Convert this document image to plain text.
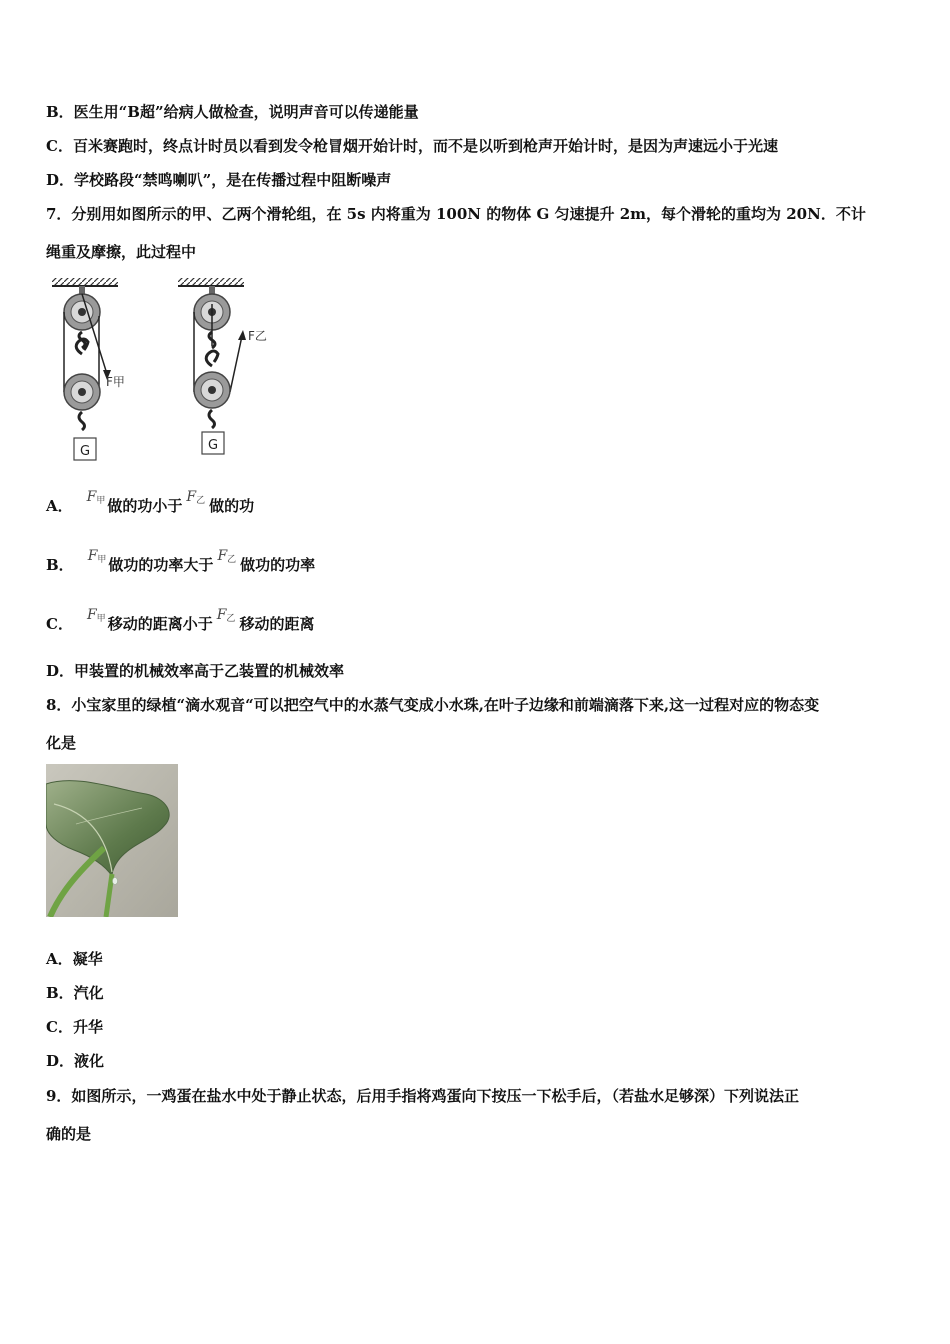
B．医生用“B超”给病人做检查，说明声音可以传递能量
C．百米赛跑时，终点计时员以看到发令枪冒烟开始计时，而不是以听到枪声开始计时，是因为声速远小于光速
D．学校路段“禁鸣喇叭”，是在传播过程中阻断噪声
7．分别用如图所示的甲、乙两个滑轮组，在 5s 内将重为 100N 的物体 G 匀速提升 2m，每个滑轮的重均为 20N．不计
绳重及摩擦，此过程中
F甲
G
F乙
G
A． $F_甲$ 做的功小于 $F_乙$ 做的功
B． $F_甲$ 做功的功率大于 $F_乙$ 做功的功率
C． $F_甲$ 移动的距离小于 $F_乙$ 移动的距离
D．甲装置的机械效率高于乙装置的机械效率
8．小宝家里的绿植“滴水观音“可以把空气中的水蒸气变成小水珠,在叶子边缘和前端滴落下来,这一过程对应的物态变
化是
A．凝华
B．汽化
C．升华
D．液化
9．如图所示，一鸡蛋在盐水中处于静止状态，后用手指将鸡蛋向下按压一下松手后，（若盐水足够深）下列说法正
确的是
